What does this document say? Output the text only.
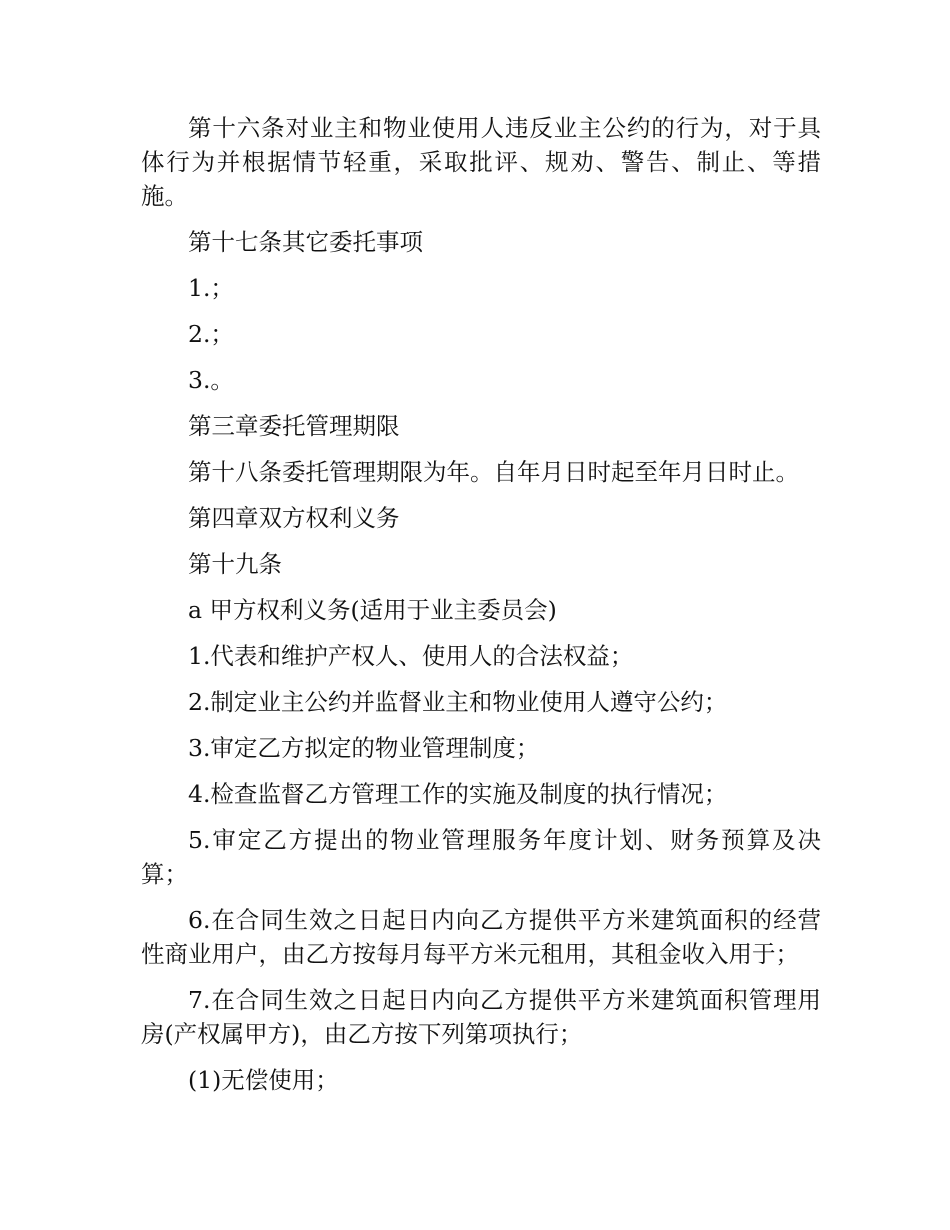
第十六条对业主和物业使用人违反业主公约的行为，对于具体行为并根据情节轻重，采取批评、规劝、警告、制止、等措施。

第十七条其它委托事项

1.；

2.；

3.。

第三章委托管理期限

第十八条委托管理期限为年。自年月日时起至年月日时止。

第四章双方权利义务

第十九条

a 甲方权利义务(适用于业主委员会)

1.代表和维护产权人、使用人的合法权益；

2.制定业主公约并监督业主和物业使用人遵守公约；

3.审定乙方拟定的物业管理制度；

4.检查监督乙方管理工作的实施及制度的执行情况；

5.审定乙方提出的物业管理服务年度计划、财务预算及决算；

6.在合同生效之日起日内向乙方提供平方米建筑面积的经营性商业用户，由乙方按每月每平方米元租用，其租金收入用于；

7.在合同生效之日起日内向乙方提供平方米建筑面积管理用房(产权属甲方)，由乙方按下列第项执行；

(1)无偿使用；
